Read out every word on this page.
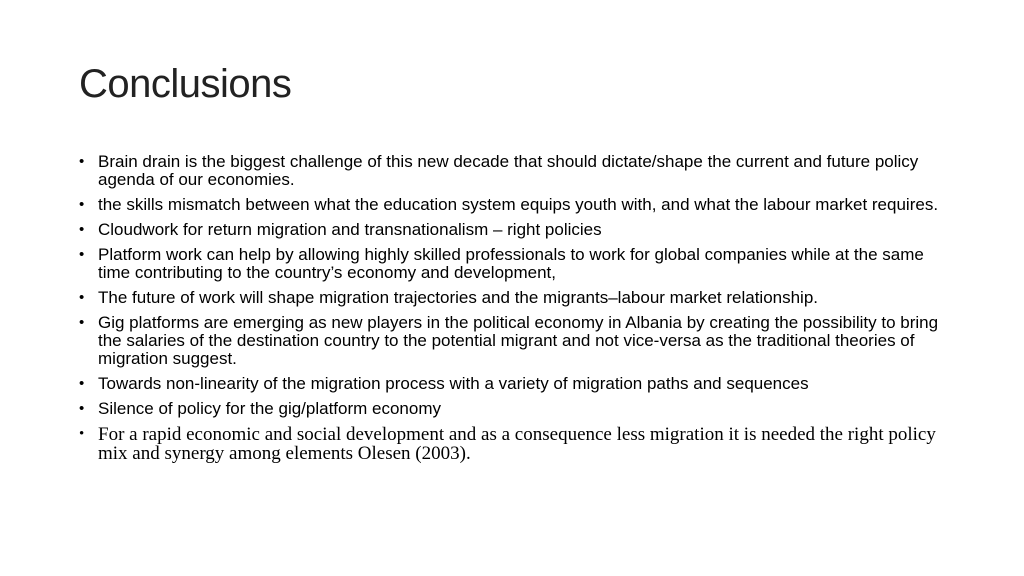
Conclusions
• Brain drain is the biggest challenge of this new decade that should dictate/shape the current and future policy agenda of our economies.
• the skills mismatch between what the education system equips youth with, and what the labour market requires.
• Cloudwork for return migration and transnationalism – right policies
• Platform work can help by allowing highly skilled professionals to work for global companies while at the same time contributing to the country’s economy and development,
• The future of work will shape migration trajectories and the migrants–labour market relationship.
• Gig platforms are emerging as new players in the political economy in Albania by creating the possibility to bring the salaries of the destination country to the potential migrant and not vice-versa as the traditional theories of migration suggest.
• Towards non-linearity of the migration process with a variety of migration paths and sequences
• Silence of policy for the gig/platform economy
• For a rapid economic and social development and as a consequence less migration it is needed the right policy mix and synergy among elements Olesen (2003).
